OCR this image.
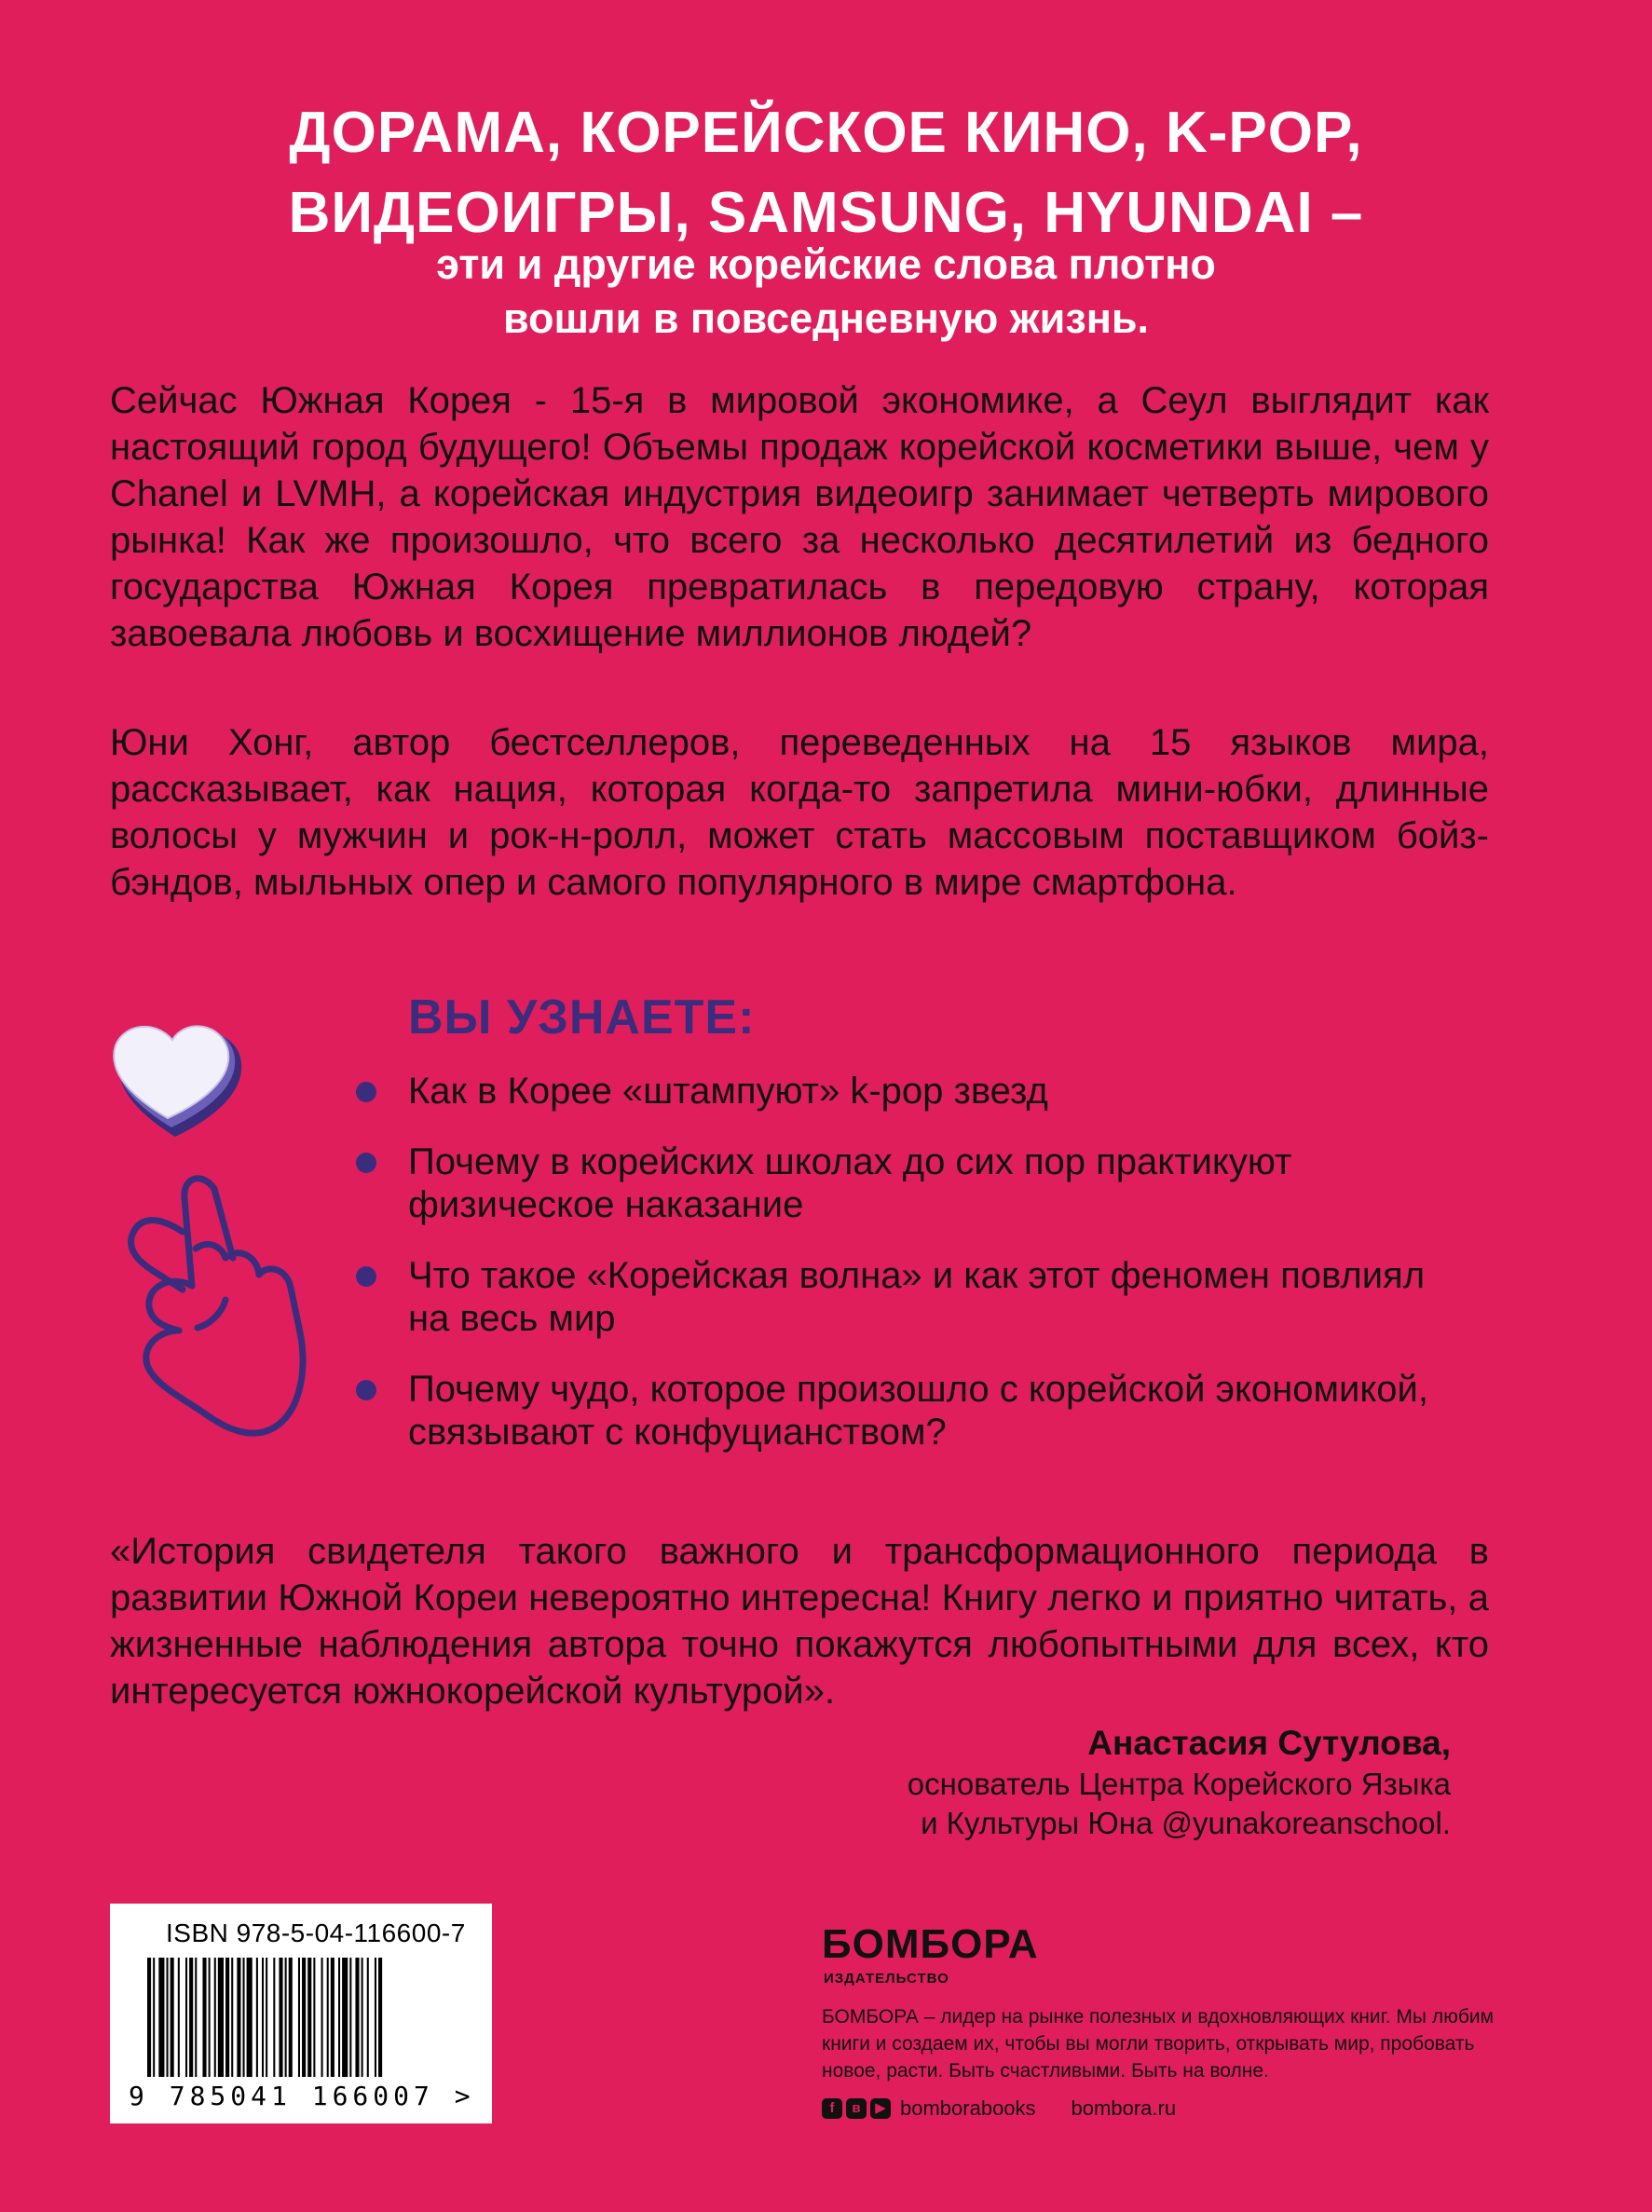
ДОРАМА, КОРЕЙСКОЕ КИНО, K-POP,
ВИДЕОИГРЫ, SAMSUNG, HYUNDAI –
эти и другие корейские слова плотно
вошли в повседневную жизнь.
Сейчас Южная Корея - 15-я в мировой экономике, а Сеул выглядит как настоящий город будущего! Объемы продаж корейской косметики выше, чем у Chanel и LVMH, а корейская индустрия видеоигр занимает четверть мирового рынка! Как же произошло, что всего за несколько десятилетий из бедного государства Южная Корея превратилась в передовую страну, которая завоевала любовь и восхищение миллионов людей?
Юни Хонг, автор бестселлеров, переведенных на 15 языков мира, рассказывает, как нация, которая когда-то запретила мини-юбки, длинные волосы у мужчин и рок-н-ролл, может стать массовым поставщиком бойз-бэндов, мыльных опер и самого популярного в мире смартфона.
ВЫ УЗНАЕТЕ:
Как в Корее «штампуют» k-pop звезд
Почему в корейских школах до сих пор практикуют физическое наказание
Что такое «Корейская волна» и как этот феномен повлиял на весь мир
Почему чудо, которое произошло с корейской экономикой, связывают с конфуцианством?
«История свидетеля такого важного и трансформационного периода в развитии Южной Кореи невероятно интересна! Книгу легко и приятно читать, а жизненные наблюдения автора точно покажутся любопытными для всех, кто интересуется южнокорейской культурой».
Анастасия Сутулова,
основатель Центра Корейского Языка
и Культуры Юна @yunakoreanschool.
ISBN 978-5-04-116600-7
9 785041 166007 >
БОМБОРА
ИЗДАТЕЛЬСТВО
БОМБОРА – лидер на рынке полезных и вдохновляющих книг. Мы любим книги и создаем их, чтобы вы могли творить, открывать мир, пробовать новое, расти. Быть счастливыми. Быть на волне.
f	в	▶ bomborabooks bombora.ru
